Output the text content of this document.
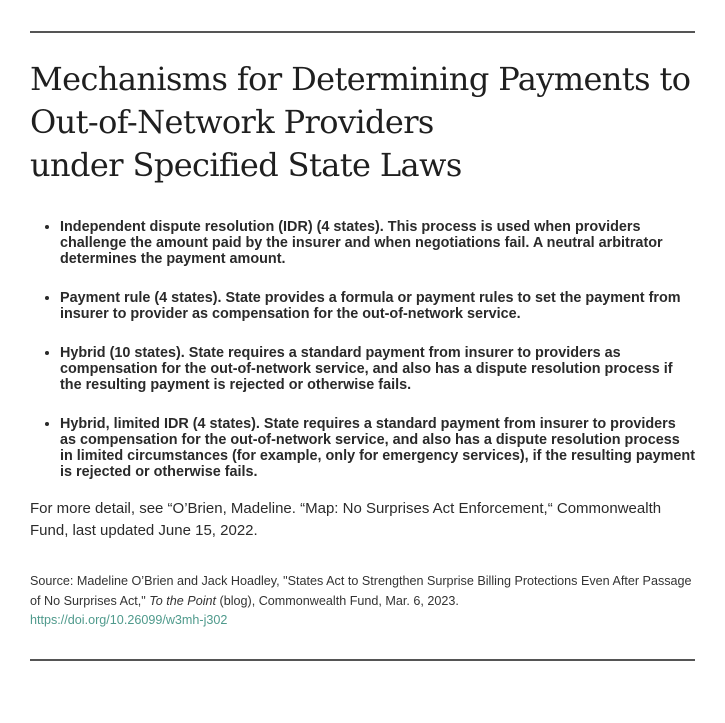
Mechanisms for Determining Payments to
Out-of-Network Providers
under Specified State Laws
• Independent dispute resolution (IDR) (4 states). This process is used when providers challenge the amount paid by the insurer and when negotiations fail. A neutral arbitrator determines the payment amount.
• Payment rule (4 states). State provides a formula or payment rules to set the payment from insurer to provider as compensation for the out-of-network service.
• Hybrid (10 states). State requires a standard payment from insurer to providers as compensation for the out-of-network service, and also has a dispute resolution process if the resulting payment is rejected or otherwise fails.
• Hybrid, limited IDR (4 states). State requires a standard payment from insurer to providers as compensation for the out-of-network service, and also has a dispute resolution process in limited circumstances (for example, only for emergency services), if the resulting payment is rejected or otherwise fails.

For more detail, see “O’Brien, Madeline. “Map: No Surprises Act Enforcement,“ Commonwealth Fund, last updated June 15, 2022.

Source: Madeline O’Brien and Jack Hoadley, "States Act to Strengthen Surprise Billing Protections Even After Passage of No Surprises Act," To the Point (blog), Commonwealth Fund, Mar. 6, 2023.
https://doi.org/10.26099/w3mh-j302
